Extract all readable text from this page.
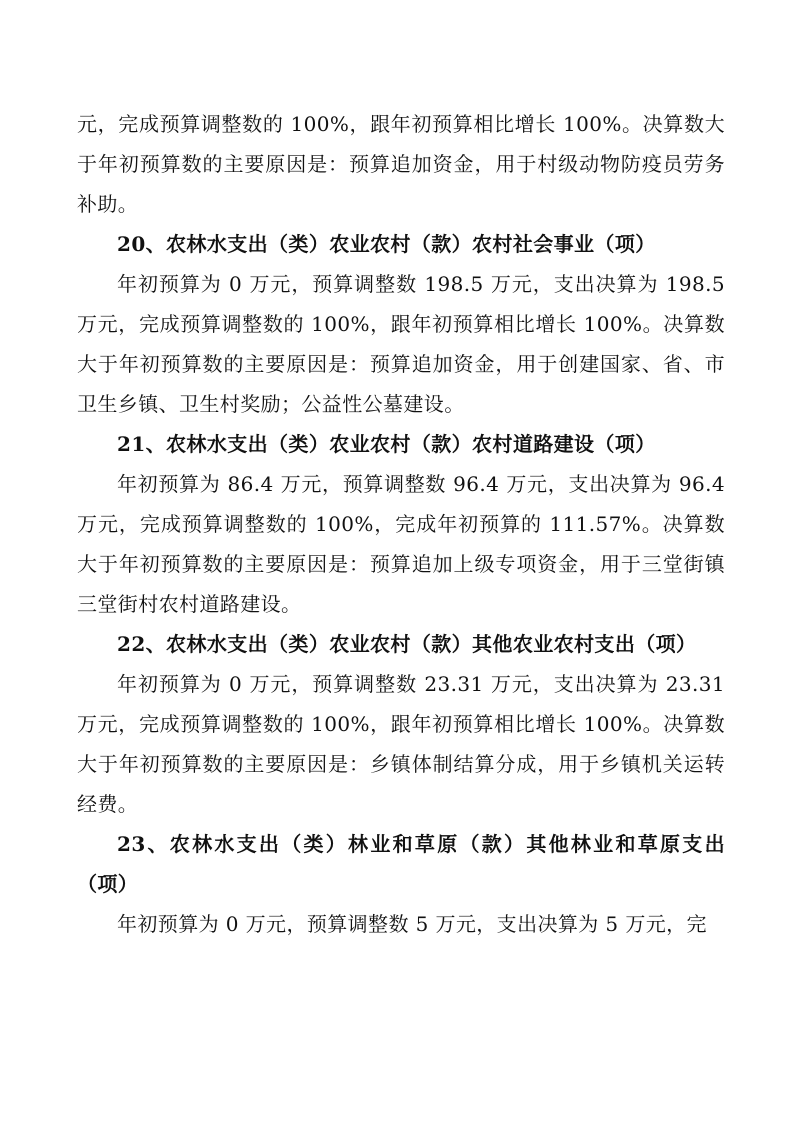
元，完成预算调整数的 100%，跟年初预算相比增长 100%。决算数大于年初预算数的主要原因是：预算追加资金，用于村级动物防疫员劳务补助。

20、农林水支出（类）农业农村（款）农村社会事业（项）

年初预算为 0 万元，预算调整数 198.5 万元，支出决算为 198.5 万元，完成预算调整数的 100%，跟年初预算相比增长 100%。决算数大于年初预算数的主要原因是：预算追加资金，用于创建国家、省、市卫生乡镇、卫生村奖励；公益性公墓建设。

21、农林水支出（类）农业农村（款）农村道路建设（项）

年初预算为 86.4 万元，预算调整数 96.4 万元，支出决算为 96.4 万元，完成预算调整数的 100%，完成年初预算的 111.57%。决算数大于年初预算数的主要原因是：预算追加上级专项资金，用于三堂街镇三堂街村农村道路建设。

22、农林水支出（类）农业农村（款）其他农业农村支出（项）

年初预算为 0 万元，预算调整数 23.31 万元，支出决算为 23.31 万元，完成预算调整数的 100%，跟年初预算相比增长 100%。决算数大于年初预算数的主要原因是：乡镇体制结算分成，用于乡镇机关运转经费。

23、农林水支出（类）林业和草原（款）其他林业和草原支出（项）

年初预算为 0 万元，预算调整数 5 万元，支出决算为 5 万元，完
